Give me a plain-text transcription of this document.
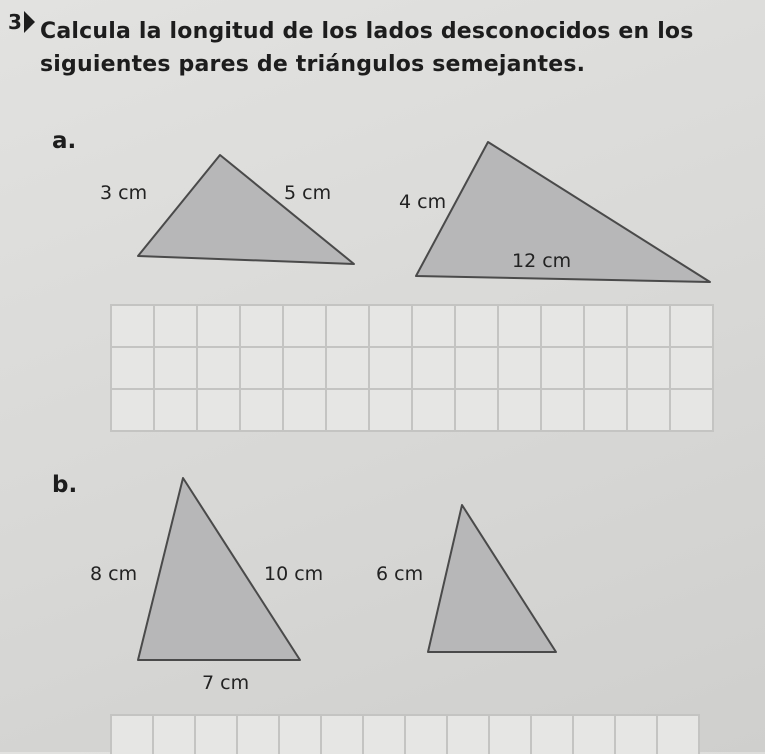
3 Calcula la longitud de los lados desconocidos en los siguientes pares de triángulos semejantes.
a.
3 cm	5 cm	4 cm
12 cm
b.
8 cm	10 cm
7 cm
6 cm
